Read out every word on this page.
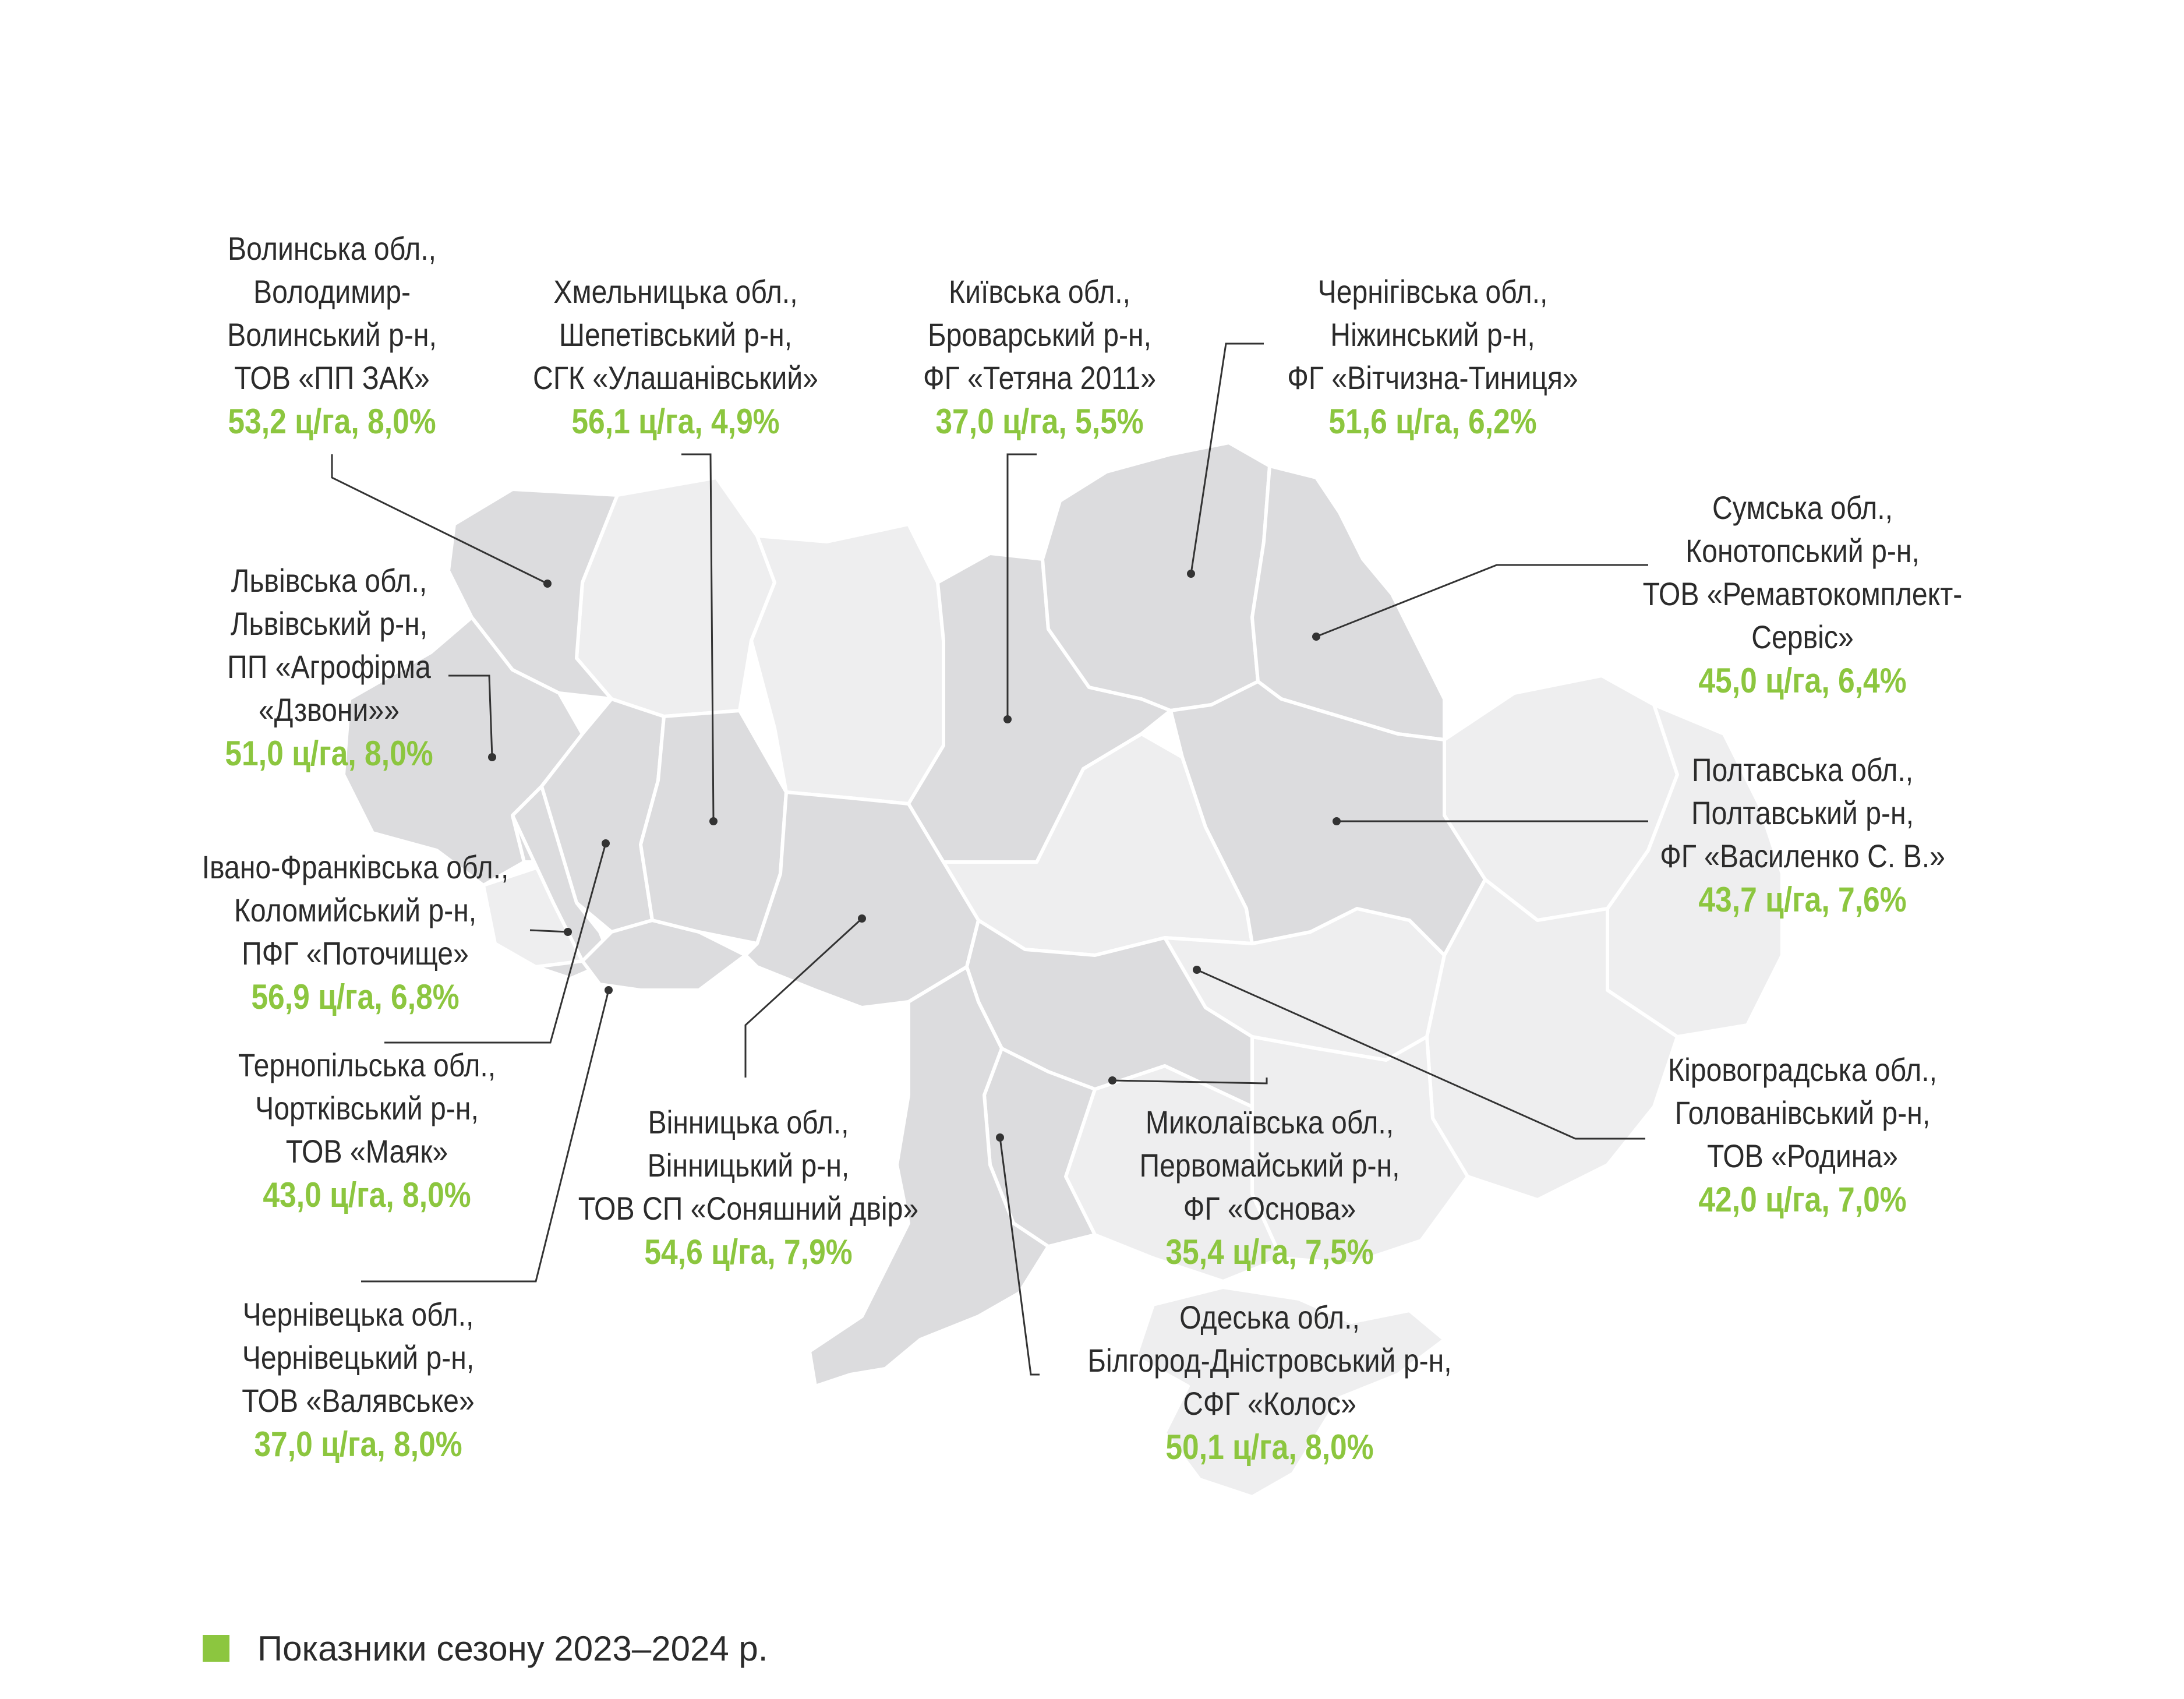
Волинська обл.,
Володимир-
Волинський р-н,
ТОВ «ПП ЗАК»
53,2 ц/га, 8,0%
Хмельницька обл.,
Шепетівський р-н,
СГК «Улашанівський»
56,1 ц/га, 4,9%
Київська обл.,
Броварський р-н,
ФГ «Тетяна 2011»
37,0 ц/га, 5,5%
Чернігівська обл.,
Ніжинський р-н,
ФГ «Вітчизна-Тиниця»
51,6 ц/га, 6,2%
Сумська обл.,
Конотопський р-н,
ТОВ «Ремавтокомплект-
Сервіс»
45,0 ц/га, 6,4%
Львівська обл.,
Львівський р-н,
ПП «Агрофірма
«Дзвони»»
51,0 ц/га, 8,0%	Полтавська обл.,
Полтавський р-н,
ФГ «Василенко С. В.»
43,7 ц/га, 7,6%
Івано-Франківська обл.,
Коломийський р-н,
ПФГ «Поточище»
56,9 ц/га, 6,8%
Тернопільська обл.,
Чортківський р-н,
ТОВ «Маяк»
43,0 ц/га, 8,0%
Вінницька обл.,
Вінницький р-н,
ТОВ СП «Соняшний двір»
54,6 ц/га, 7,9%
Миколаївська обл.,
Первомайський р-н,
ФГ «Основа»
35,4 ц/га, 7,5%
Кіровоградська обл.,
Голованівський р-н,
ТОВ «Родина»
42,0 ц/га, 7,0%
Чернівецька обл.,
Чернівецький р-н,
ТОВ «Валявське»
37,0 ц/га, 8,0%
Одеська обл.,
Білгород-Дністровський р-н,
СФГ «Колос»
50,1 ц/га, 8,0%
Показники сезону 2023–2024 р.
